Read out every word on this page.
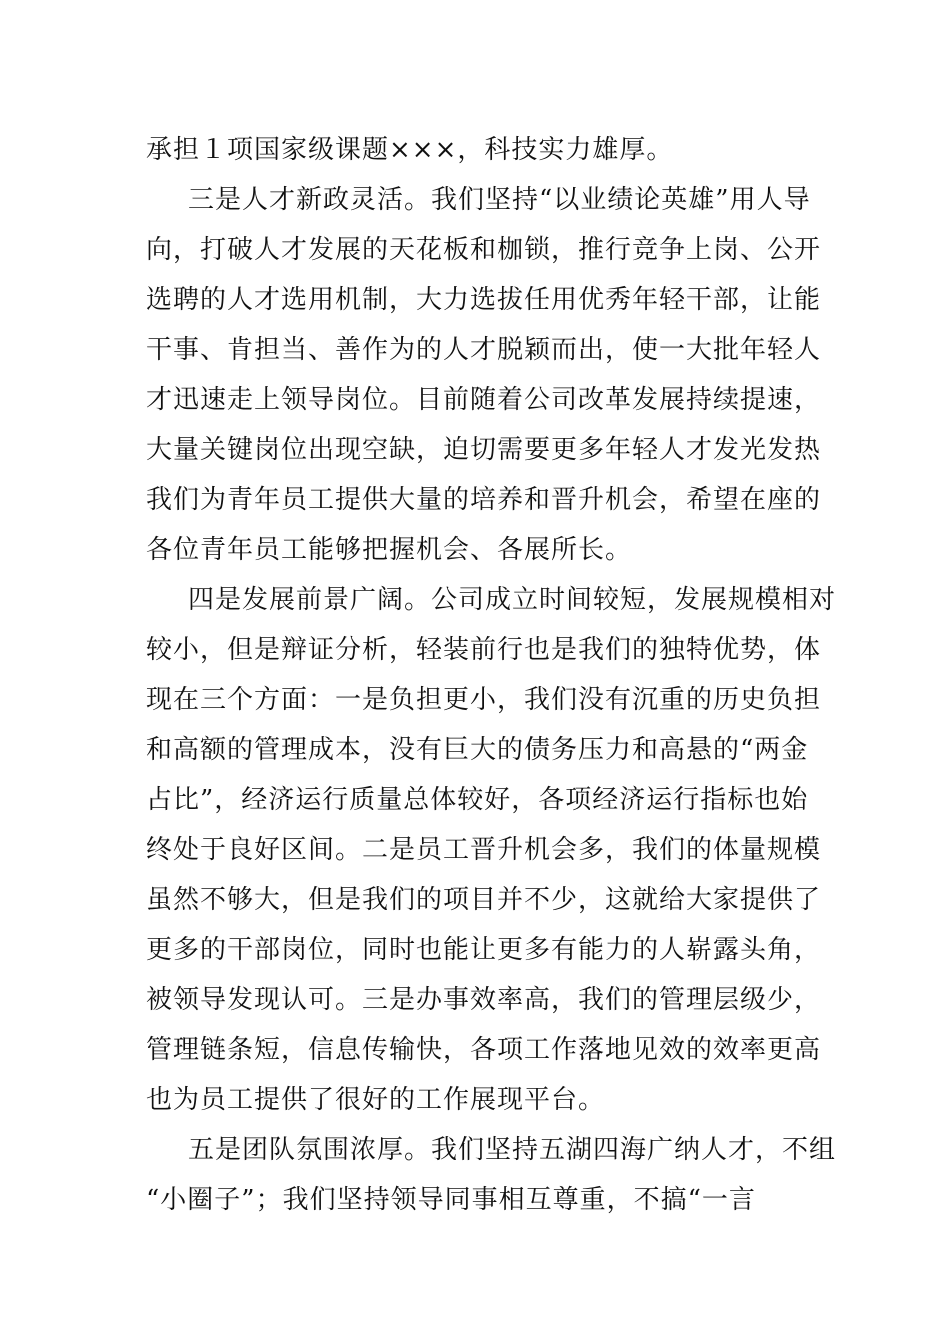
承担１项国家级课题×××，科技实力雄厚。
三是人才新政灵活。我们坚持“以业绩论英雄”用人导
向，打破人才发展的天花板和枷锁，推行竞争上岗、公开
选聘的人才选用机制，大力选拔任用优秀年轻干部，让能
干事、肯担当、善作为的人才脱颖而出，使一大批年轻人
才迅速走上领导岗位。目前随着公司改革发展持续提速，
大量关键岗位出现空缺，迫切需要更多年轻人才发光发热
我们为青年员工提供大量的培养和晋升机会，希望在座的
各位青年员工能够把握机会、各展所长。
四是发展前景广阔。公司成立时间较短，发展规模相对
较小，但是辩证分析，轻装前行也是我们的独特优势，体
现在三个方面：一是负担更小，我们没有沉重的历史负担
和高额的管理成本，没有巨大的债务压力和高悬的“两金
占比”，经济运行质量总体较好，各项经济运行指标也始
终处于良好区间。二是员工晋升机会多，我们的体量规模
虽然不够大，但是我们的项目并不少，这就给大家提供了
更多的干部岗位，同时也能让更多有能力的人崭露头角，
被领导发现认可。三是办事效率高，我们的管理层级少，
管理链条短，信息传输快，各项工作落地见效的效率更高
也为员工提供了很好的工作展现平台。
五是团队氛围浓厚。我们坚持五湖四海广纳人才，不组
“小圈子”；我们坚持领导同事相互尊重，不搞“一言
